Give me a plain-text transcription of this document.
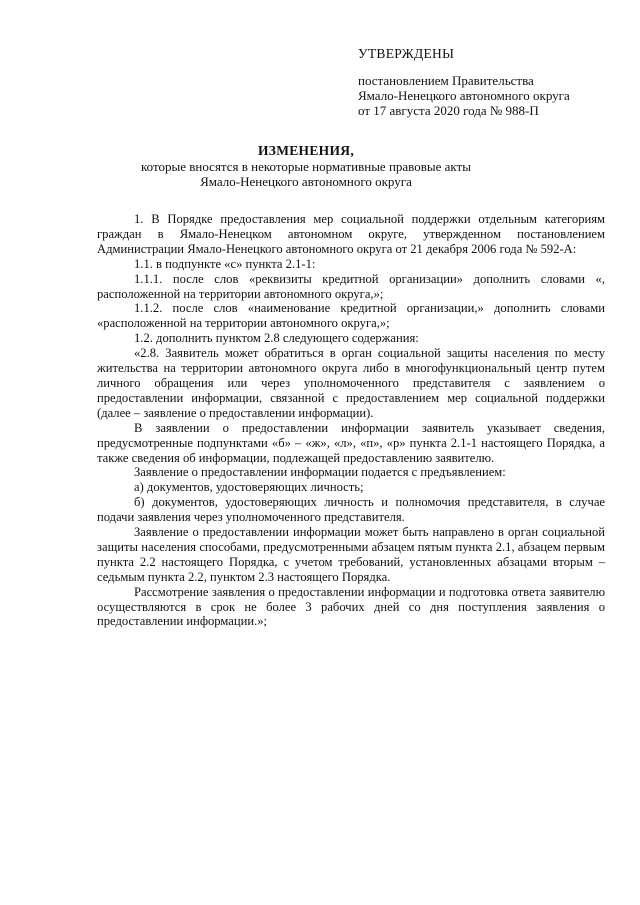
УТВЕРЖДЕНЫ
постановлением Правительства
Ямало-Ненецкого автономного округа
от 17 августа 2020 года № 988-П
ИЗМЕНЕНИЯ,
которые вносятся в некоторые нормативные правовые акты
Ямало-Ненецкого автономного округа

1. В Порядке предоставления мер социальной поддержки отдельным категориям граждан в Ямало-Ненецком автономном округе, утвержденном постановлением Администрации Ямало-Ненецкого автономного округа от 21 декабря 2006 года № 592-А:

1.1. в подпункте «с» пункта 2.1-1:

1.1.1. после слов «реквизиты кредитной организации» дополнить словами «, расположенной на территории автономного округа,»;

1.1.2. после слов «наименование кредитной организации,» дополнить словами «расположенной на территории автономного округа,»;

1.2. дополнить пунктом 2.8 следующего содержания:

«2.8. Заявитель может обратиться в орган социальной защиты населения по месту жительства на территории автономного округа либо в многофункциональный центр путем личного обращения или через уполномоченного представителя с заявлением о предоставлении информации, связанной с предоставлением мер социальной поддержки (далее – заявление о предоставлении информации).

В заявлении о предоставлении информации заявитель указывает сведения, предусмотренные подпунктами «б» – «ж», «л», «п», «р» пункта 2.1-1 настоящего Порядка, а также сведения об информации, подлежащей предоставлению заявителю.

Заявление о предоставлении информации подается с предъявлением:

а) документов, удостоверяющих личность;

б) документов, удостоверяющих личность и полномочия представителя, в случае подачи заявления через уполномоченного представителя.

Заявление о предоставлении информации может быть направлено в орган социальной защиты населения способами, предусмотренными абзацем пятым пункта 2.1, абзацем первым пункта 2.2 настоящего Порядка, с учетом требований, установленных абзацами вторым – седьмым пункта 2.2, пунктом 2.3 настоящего Порядка.

Рассмотрение заявления о предоставлении информации и подготовка ответа заявителю осуществляются в срок не более 3 рабочих дней со дня поступления заявления о предоставлении информации.»;
